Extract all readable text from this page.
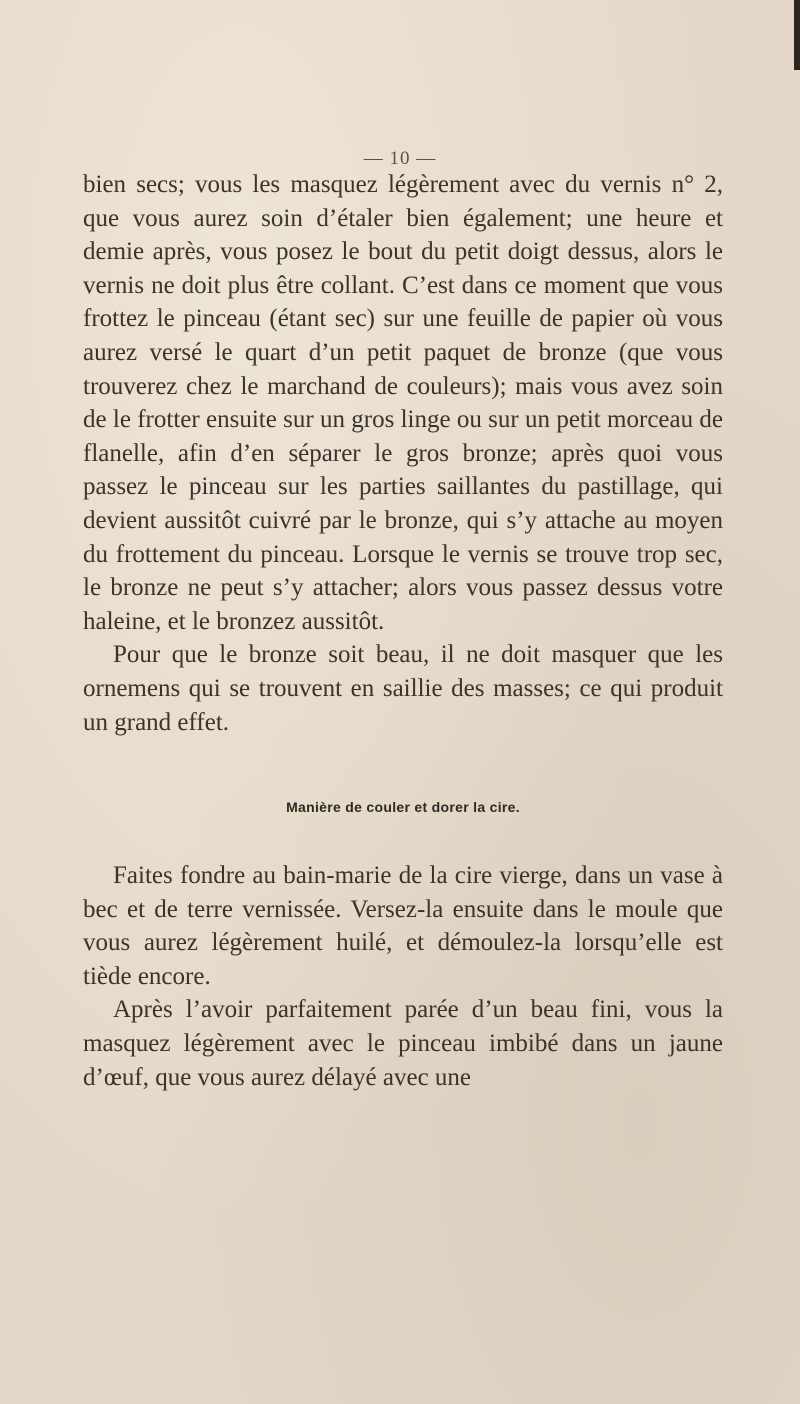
— 10 —

bien secs; vous les masquez légèrement avec du vernis n° 2, que vous aurez soin d’étaler bien également; une heure et demie après, vous posez le bout du petit doigt dessus, alors le vernis ne doit plus être collant. C’est dans ce moment que vous frottez le pinceau (étant sec) sur une feuille de papier où vous aurez versé le quart d’un petit paquet de bronze (que vous trouverez chez le marchand de couleurs); mais vous avez soin de le frotter ensuite sur un gros linge ou sur un petit morceau de flanelle, afin d’en séparer le gros bronze; après quoi vous passez le pinceau sur les parties saillantes du pastillage, qui devient aussitôt cuivré par le bronze, qui s’y attache au moyen du frottement du pinceau. Lorsque le vernis se trouve trop sec, le bronze ne peut s’y attacher; alors vous passez dessus votre haleine, et le bronzez aussitôt.

Pour que le bronze soit beau, il ne doit masquer que les ornemens qui se trouvent en saillie des masses; ce qui produit un grand effet.

Manière de couler et dorer la cire.

Faites fondre au bain-marie de la cire vierge, dans un vase à bec et de terre vernissée. Versez-la ensuite dans le moule que vous aurez légèrement huilé, et démoulez-la lorsqu’elle est tiède encore.

Après l’avoir parfaitement parée d’un beau fini, vous la masquez légèrement avec le pinceau imbibé dans un jaune d’œuf, que vous aurez délayé avec une
